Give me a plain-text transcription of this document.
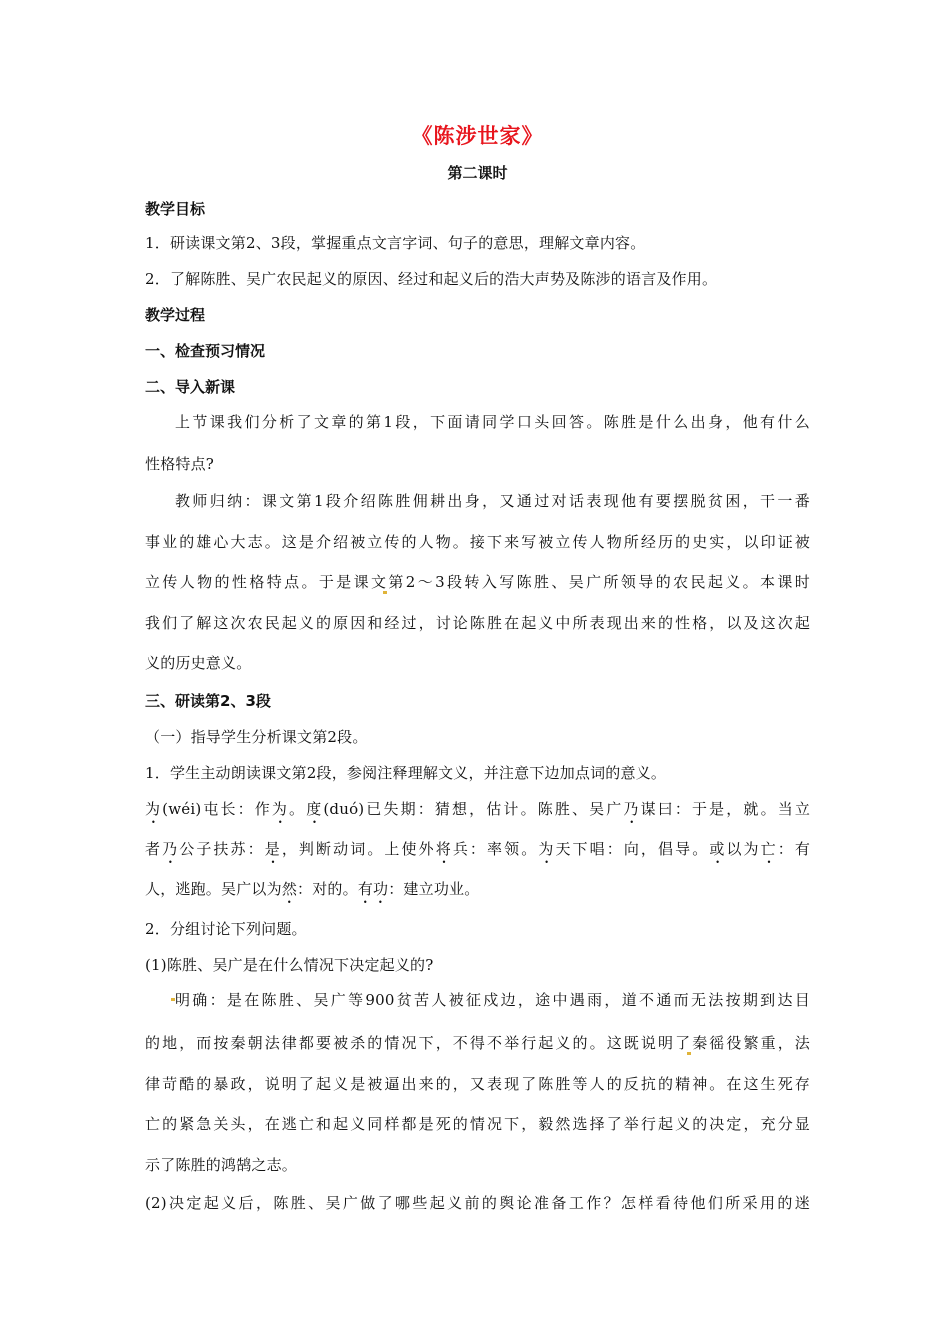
《陈涉世家》
第二课时
教学目标
1．研读课文第2、3段，掌握重点文言字词、句子的意思，理解文章内容。
2．了解陈胜、吴广农民起义的原因、经过和起义后的浩大声势及陈涉的语言及作用。
教学过程
一、检查预习情况
二、导入新课
上节课我们分析了文章的第1段，下面请同学口头回答。陈胜是什么出身，他有什么
性格特点?
教师归纳：课文第1段介绍陈胜佣耕出身，又通过对话表现他有要摆脱贫困，干一番
事业的雄心大志。这是介绍被立传的人物。接下来写被立传人物所经历的史实，以印证被
立传人物的性格特点。于是课文第2～3段转入写陈胜、吴广所领导的农民起义。本课时
我们了解这次农民起义的原因和经过，讨论陈胜在起义中所表现出来的性格，以及这次起
义的历史意义。
三、研读第2、3段
（一）指导学生分析课文第2段。
1．学生主动朗读课文第2段，参阅注释理解文义，并注意下边加点词的意义。
为(wéi)屯长：作为。度(duó)已失期：猜想，估计。陈胜、吴广乃谋曰：于是，就。当立
者乃公子扶苏：是，判断动词。上使外将兵：率领。为天下唱：向，倡导。或以为亡：有
人，逃跑。吴广以为然：对的。有功：建立功业。
2．分组讨论下列问题。
(1)陈胜、吴广是在什么情况下决定起义的?
明确：是在陈胜、吴广等900贫苦人被征戍边，途中遇雨，道不通而无法按期到达目
的地，而按秦朝法律都要被杀的情况下，不得不举行起义的。这既说明了秦徭役繁重，法
律苛酷的暴政，说明了起义是被逼出来的，又表现了陈胜等人的反抗的精神。在这生死存
亡的紧急关头，在逃亡和起义同样都是死的情况下，毅然选择了举行起义的决定，充分显
示了陈胜的鸿鹄之志。
(2)决定起义后，陈胜、吴广做了哪些起义前的舆论准备工作？怎样看待他们所采用的迷
